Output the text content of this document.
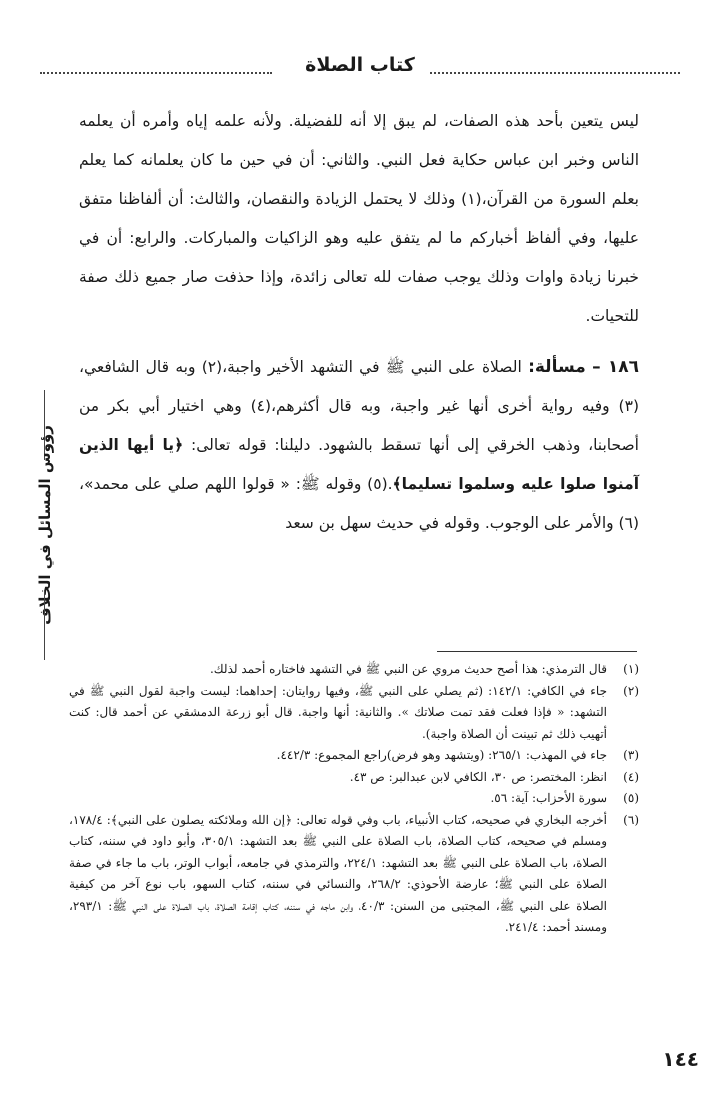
كتاب الصلاة
رؤوس المسائل في الخلاف

ليس يتعين بأحد هذه الصفات، لم يبق إلا أنه للفضيلة. ولأنه علمه إياه وأمره أن يعلمه الناس وخبر ابن عباس حكاية فعل النبي. والثاني: أن في حين ما كان يعلمانه كما يعلم بعلم السورة من القرآن،(١) وذلك لا يحتمل الزيادة والنقصان، والثالث: أن ألفاظنا متفق عليها، وفي ألفاظ أخباركم ما لم يتفق عليه وهو الزاكيات والمباركات. والرابع: أن في خبرنا زيادة واوات وذلك يوجب صفات لله تعالى زائدة، وإذا حذفت صار جميع ذلك صفة للتحيات.

١٨٦ – مسألة: الصلاة على النبي ﷺ في التشهد الأخير واجبة،(٢) وبه قال الشافعي،(٣) وفيه رواية أخرى أنها غير واجبة، وبه قال أكثرهم،(٤) وهي اختيار أبي بكر من أصحابنا، وذهب الخرقي إلى أنها تسقط بالشهود. دليلنا: قوله تعالى: ﴿يا أيها الذين آمنوا صلوا عليه وسلموا تسليما﴾.(٥) وقوله ﷺ: « قولوا اللهم صلي على محمد»،(٦) والأمر على الوجوب. وقوله في حديث سهل بن سعد

(١)
قال الترمذي: هذا أصح حديث مروي عن النبي ﷺ في التشهد فاختاره أحمد لذلك.
(٢)
جاء في الكافي: ١٤٢/١: (ثم يصلي على النبي ﷺ، وفيها روايتان: إحداهما: ليست واجبة لقول النبي ﷺ في التشهد: « فإذا فعلت فقد تمت صلاتك ». والثانية: أنها واجبة. قال أبو زرعة الدمشقي عن أحمد قال: كنت أتهيب ذلك ثم تبينت أن الصلاة واجبة).
(٣)
جاء في المهذب: ٢٦٥/١: (ويتشهد وهو فرض)راجع المجموع: ٤٤٢/٣.
(٤)
انظر: المختصر: ص ٣٠، الكافي لابن عبدالبر: ص ٤٣.
(٥)
سورة الأحزاب: آية: ٥٦.
(٦)
أخرجه البخاري في صحيحه، كتاب الأنبياء، باب وفي قوله تعالى: ﴿إن الله وملائكته يصلون على النبي﴾: ١٧٨/٤، ومسلم في صحيحه، كتاب الصلاة، باب الصلاة على النبي ﷺ بعد التشهد: ٣٠٥/١، وأبو داود في سننه، كتاب الصلاة، باب الصلاة على النبي ﷺ بعد التشهد: ٢٢٤/١، والترمذي في جامعه، أبواب الوتر، باب ما جاء في صفة الصلاة على النبي ﷺ؛ عارضة الأحوذي: ٢٦٨/٢، والنسائي في سننه، كتاب السهو، باب نوع آخر من كيفية الصلاة على النبي ﷺ، المجتبى من السنن: ٤٠/٣، وابن ماجه في سننه، كتاب إقامة الصلاة، باب الصلاة على النبي ﷺ: ٢٩٣/١، ومسند أحمد: ٢٤١/٤.
١٤٤
